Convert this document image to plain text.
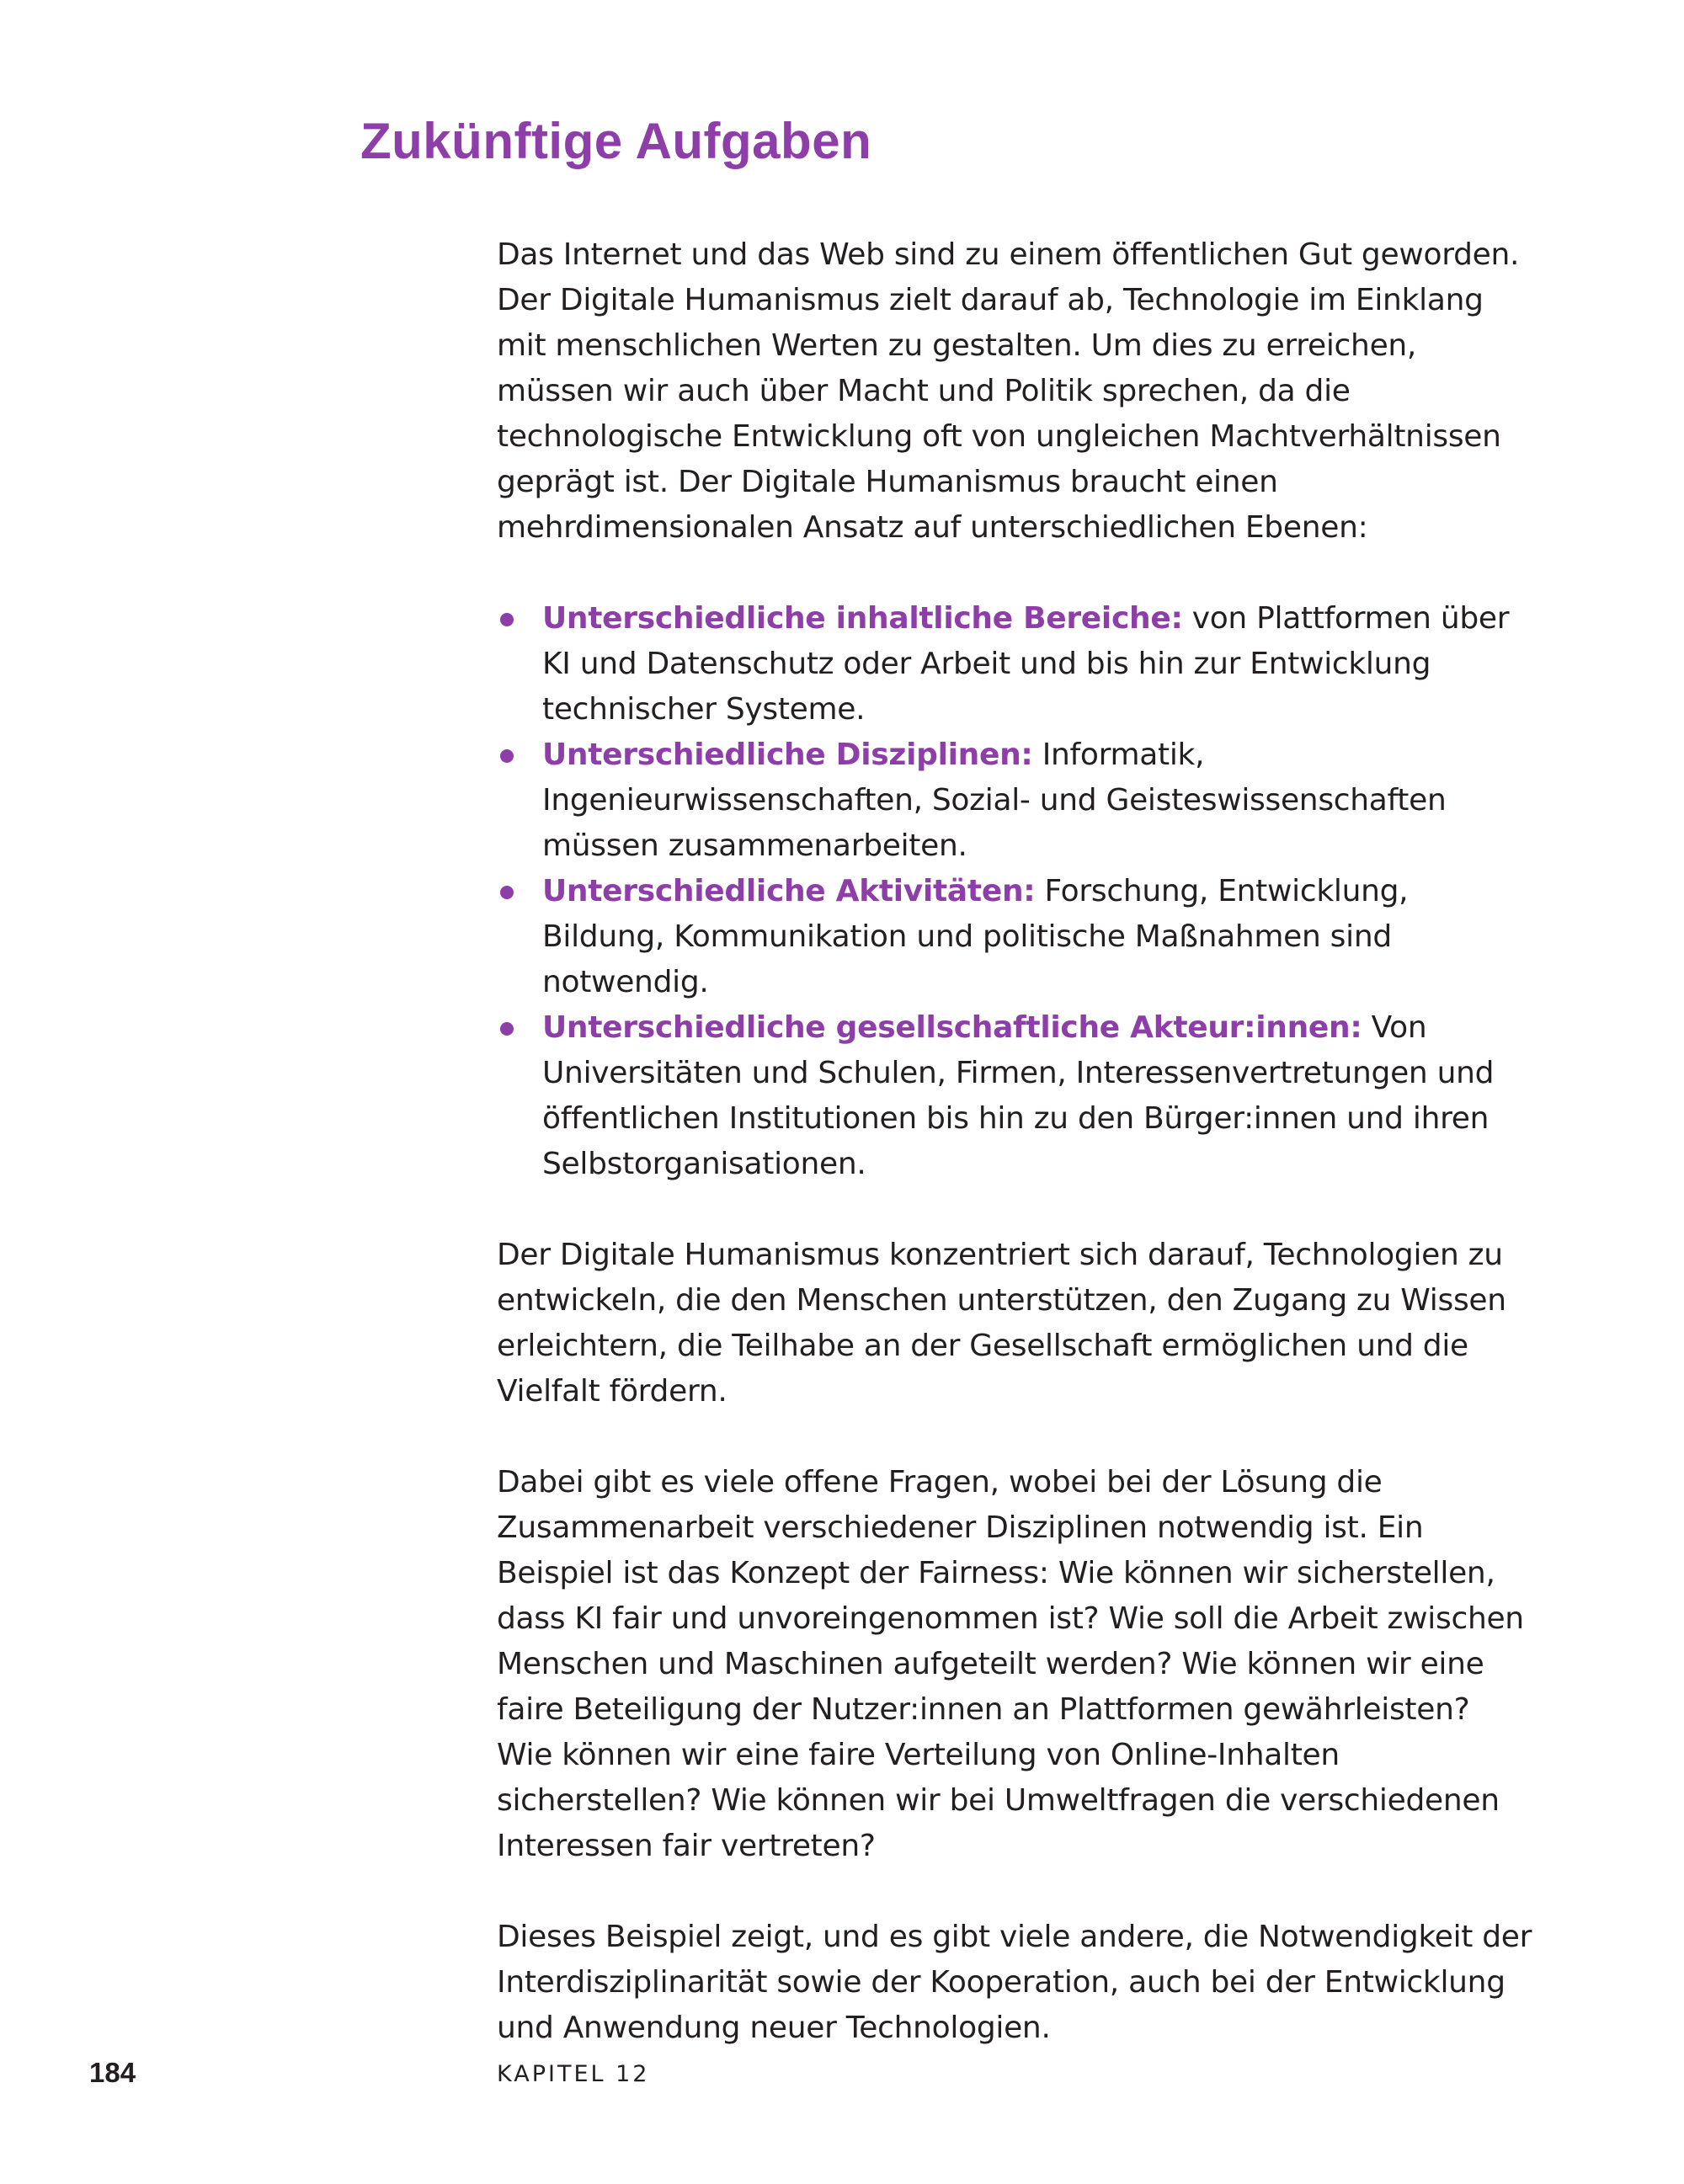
Zukünftige Aufgaben

Das Internet und das Web sind zu einem öffentlichen Gut geworden. Der Digitale Humanismus zielt darauf ab, Technologie im Einklang mit menschlichen Werten zu gestalten. Um dies zu erreichen, müssen wir auch über Macht und Politik sprechen, da die technologische Entwicklung oft von ungleichen Machtverhältnissen geprägt ist. Der Digitale Humanismus braucht einen mehrdimensionalen Ansatz auf unterschiedlichen Ebenen:

Unterschiedliche inhaltliche Bereiche: von Plattformen über KI und Datenschutz oder Arbeit und bis hin zur Entwicklung technischer Systeme.
Unterschiedliche Disziplinen: Informatik, Ingenieurwissenschaften, Sozial- und Geisteswissenschaften müssen zusammenarbeiten.
Unterschiedliche Aktivitäten: Forschung, Entwicklung, Bildung, Kommunikation und politische Maßnahmen sind notwendig.
Unterschiedliche gesellschaftliche Akteur:innen: Von Universitäten und Schulen, Firmen, Interessenvertretungen und öffentlichen Institutionen bis hin zu den Bürger:innen und ihren Selbstorganisationen.

Der Digitale Humanismus konzentriert sich darauf, Technologien zu entwickeln, die den Menschen unterstützen, den Zugang zu Wissen erleichtern, die Teilhabe an der Gesellschaft ermöglichen und die Vielfalt fördern.

Dabei gibt es viele offene Fragen, wobei bei der Lösung die Zusammenarbeit verschiedener Disziplinen notwendig ist. Ein Beispiel ist das Konzept der Fairness: Wie können wir sicherstellen, dass KI fair und unvoreingenommen ist? Wie soll die Arbeit zwischen Menschen und Maschinen aufgeteilt werden? Wie können wir eine faire Beteiligung der Nutzer:innen an Plattformen gewährleisten? Wie können wir eine faire Verteilung von Online-Inhalten sicherstellen? Wie können wir bei Umweltfragen die verschiedenen Interessen fair vertreten?

Dieses Beispiel zeigt, und es gibt viele andere, die Notwendigkeit der Interdisziplinarität sowie der Kooperation, auch bei der Entwicklung und Anwendung neuer Technologien.

184	KAPITEL 12
